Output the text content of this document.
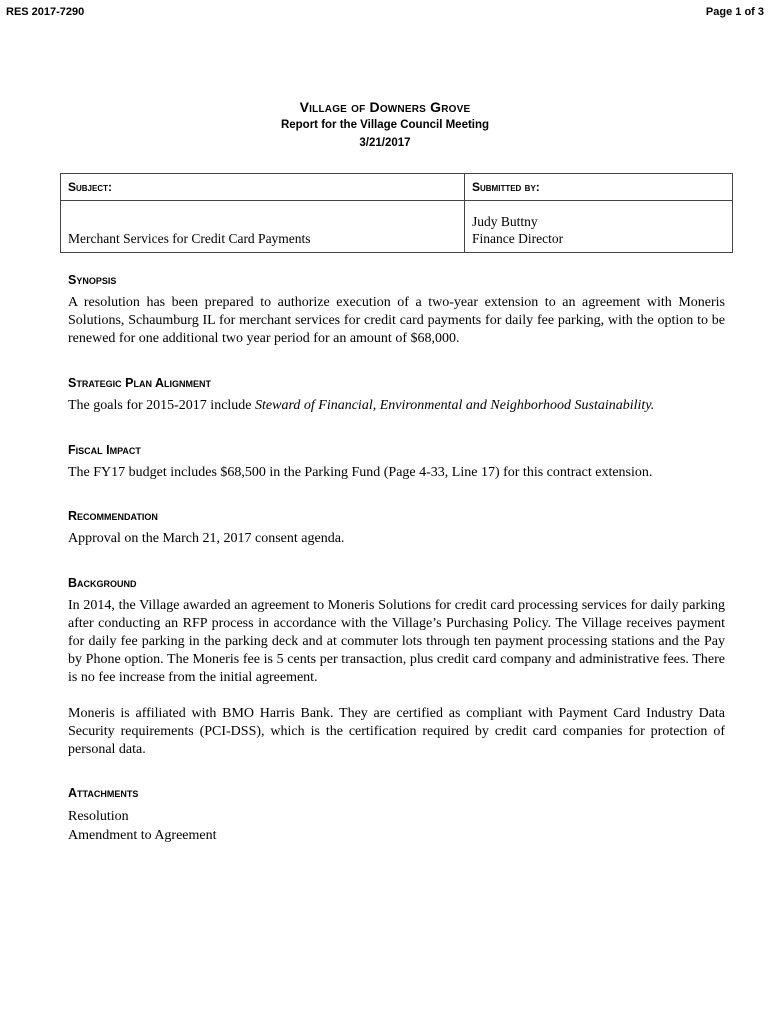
RES 2017-7290	Page 1 of 3
Village of Downers Grove
Report for the Village Council Meeting
3/21/2017
Subject:	Submitted by:
Merchant Services for Credit Card Payments	Judy Buttny
Finance Director
Synopsis

A resolution has been prepared to authorize execution of a two-year extension to an agreement with Moneris Solutions, Schaumburg IL for merchant services for credit card payments for daily fee parking, with the option to be renewed for one additional two year period for an amount of $68,000.

Strategic Plan Alignment

The goals for 2015-2017 include Steward of Financial, Environmental and Neighborhood Sustainability.

Fiscal Impact

The FY17 budget includes $68,500 in the Parking Fund (Page 4-33, Line 17) for this contract extension.

Recommendation

Approval on the March 21, 2017 consent agenda.

Background

In 2014, the Village awarded an agreement to Moneris Solutions for credit card processing services for daily parking after conducting an RFP process in accordance with the Village’s Purchasing Policy. The Village receives payment for daily fee parking in the parking deck and at commuter lots through ten payment processing stations and the Pay by Phone option. The Moneris fee is 5 cents per transaction, plus credit card company and administrative fees. There is no fee increase from the initial agreement.

Moneris is affiliated with BMO Harris Bank. They are certified as compliant with Payment Card Industry Data Security requirements (PCI-DSS), which is the certification required by credit card companies for protection of personal data.

Attachments
Resolution
Amendment to Agreement
